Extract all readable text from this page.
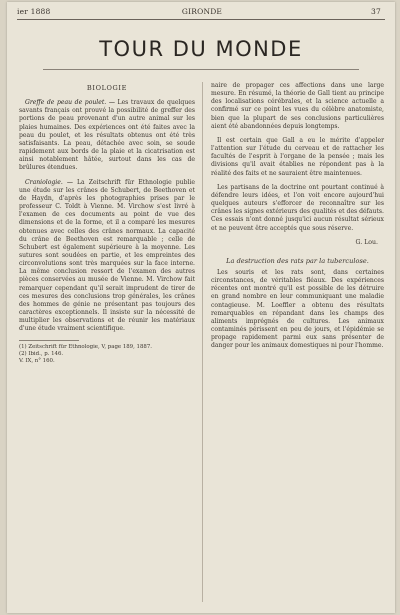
ier 1888	GIRONDE	37
TOUR DU MONDE
BIOLOGIE

Greffe de peau de poulet. — Les travaux de quelques savants français ont prouvé la possibilité de greffer des portions de peau provenant d'un autre animal sur les plaies humaines. Des expériences ont été faites avec la peau du poulet, et les résultats obtenus ont été très satisfaisants. La peau, détachée avec soin, se soude rapidement aux bords de la plaie et la cicatrisation est ainsi notablement hâtée, surtout dans les cas de brûlures étendues.

Craniologie. — La Zeitschrift für Ethnologie publie une étude sur les crânes de Schubert, de Beethoven et de Haydn, d'après les photographies prises par le professeur C. Toldt à Vienne. M. Virchow s'est livré à l'examen de ces documents au point de vue des dimensions et de la forme, et il a comparé les mesures obtenues avec celles des crânes normaux. La capacité du crâne de Beethoven est remarquable ; celle de Schubert est également supérieure à la moyenne. Les sutures sont soudées en partie, et les empreintes des circonvolutions sont très marquées sur la face interne. La même conclusion ressort de l'examen des autres pièces conservées au musée de Vienne. M. Virchow fait remarquer cependant qu'il serait imprudent de tirer de ces mesures des conclusions trop générales, les crânes des hommes de génie ne présentant pas toujours des caractères exceptionnels. Il insiste sur la nécessité de multiplier les observations et de réunir les matériaux d'une étude vraiment scientifique.

(1) Zeitschrift für Ethnologie, V, page 189, 1887.
(2) Ibid., p. 146.
V. IX, n° 160.

naire de propager ces affections dans une large mesure. En résumé, la théorie de Gall tient au principe des localisations cérébrales, et la science actuelle a confirmé sur ce point les vues du célèbre anatomiste, bien que la plupart de ses conclusions particulières aient été abandonnées depuis longtemps.

Il est certain que Gall a eu le mérite d'appeler l'attention sur l'étude du cerveau et de rattacher les facultés de l'esprit à l'organe de la pensée ; mais les divisions qu'il avait établies ne répondent pas à la réalité des faits et ne sauraient être maintenues.

Les partisans de la doctrine ont pourtant continué à défendre leurs idées, et l'on voit encore aujourd'hui quelques auteurs s'efforcer de reconnaître sur les crânes les signes extérieurs des qualités et des défauts. Ces essais n'ont donné jusqu'ici aucun résultat sérieux et ne peuvent être acceptés que sous réserve.

G. Lou.
La destruction des rats par la tuberculose.

Les souris et les rats sont, dans certaines circonstances, de véritables fléaux. Des expériences récentes ont montré qu'il est possible de les détruire en grand nombre en leur communiquant une maladie contagieuse. M. Loeffler a obtenu des résultats remarquables en répandant dans les champs des aliments imprégnés de cultures. Les animaux contaminés périssent en peu de jours, et l'épidémie se propage rapidement parmi eux sans présenter de danger pour les animaux domestiques ni pour l'homme.
